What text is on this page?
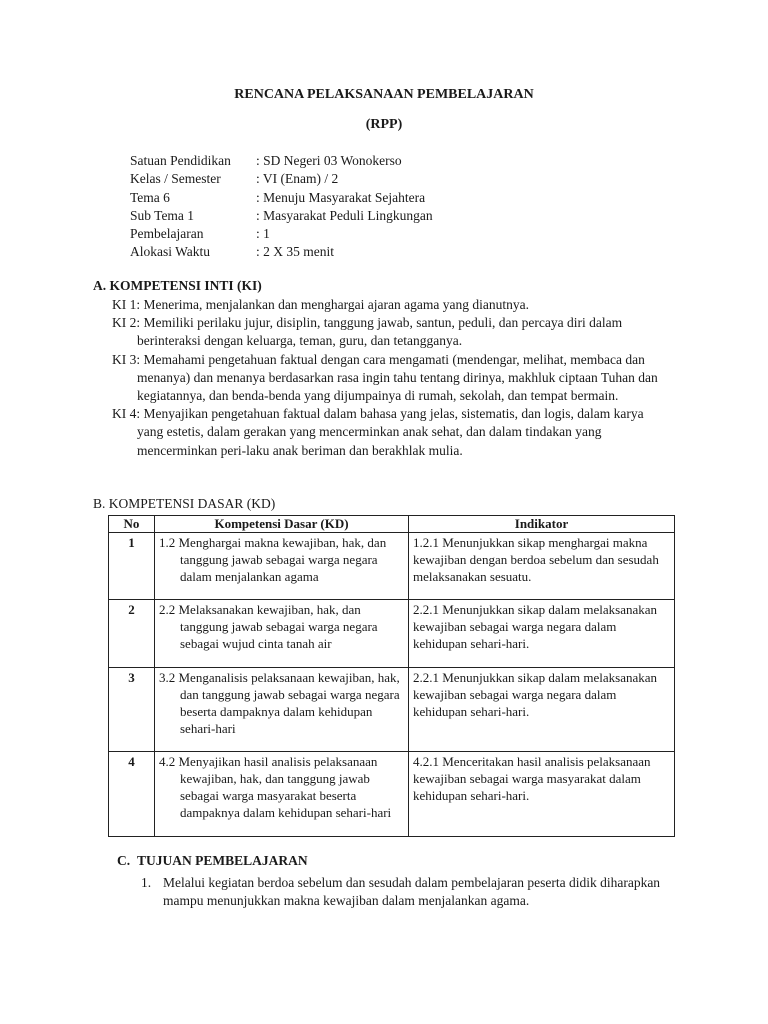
RENCANA PELAKSANAAN PEMBELAJARAN
(RPP)
Satuan Pendidikan	: SD Negeri 03 Wonokerso
Kelas / Semester	: VI (Enam) / 2
Tema 6	: Menuju Masyarakat Sejahtera
Sub Tema 1	: Masyarakat Peduli Lingkungan
Pembelajaran	: 1
Alokasi Waktu	: 2 X 35 menit
A. KOMPETENSI INTI (KI)
KI 1: Menerima, menjalankan dan menghargai ajaran agama yang dianutnya.
KI 2: Memiliki perilaku jujur, disiplin, tanggung jawab, santun, peduli, dan percaya diri dalam berinteraksi dengan keluarga, teman, guru, dan tetangganya.
KI 3: Memahami pengetahuan faktual dengan cara mengamati (mendengar, melihat, membaca dan menanya) dan menanya berdasarkan rasa ingin tahu tentang dirinya, makhluk ciptaan Tuhan dan kegiatannya, dan benda-benda yang dijumpainya di rumah, sekolah, dan tempat bermain.
KI 4: Menyajikan pengetahuan faktual dalam bahasa yang jelas, sistematis, dan logis, dalam karya yang estetis, dalam gerakan yang mencerminkan anak sehat, dan dalam tindakan yang mencerminkan peri-laku anak beriman dan berakhlak mulia.
B. KOMPETENSI DASAR (KD)
No	Kompetensi Dasar (KD)	Indikator
1	1.2 Menghargai makna kewajiban, hak, dan tanggung jawab sebagai warga negara dalam menjalankan agama	1.2.1 Menunjukkan sikap menghargai makna kewajiban dengan berdoa sebelum dan sesudah melaksanakan sesuatu.
2	2.2 Melaksanakan kewajiban, hak, dan tanggung jawab sebagai warga negara sebagai wujud cinta tanah air	2.2.1 Menunjukkan sikap dalam melaksanakan kewajiban sebagai warga negara dalam kehidupan sehari-hari.
3	3.2 Menganalisis pelaksanaan kewajiban, hak, dan tanggung jawab sebagai warga negara beserta dampaknya dalam kehidupan sehari-hari	2.2.1 Menunjukkan sikap dalam melaksanakan kewajiban sebagai warga negara dalam kehidupan sehari-hari.
4	4.2 Menyajikan hasil analisis pelaksanaan kewajiban, hak, dan tanggung jawab sebagai warga masyarakat beserta dampaknya dalam kehidupan sehari-hari	4.2.1 Menceritakan hasil analisis pelaksanaan kewajiban sebagai warga masyarakat dalam kehidupan sehari-hari.
C. TUJUAN PEMBELAJARAN
1. Melalui kegiatan berdoa sebelum dan sesudah dalam pembelajaran peserta didik diharapkan mampu menunjukkan makna kewajiban dalam menjalankan agama.
